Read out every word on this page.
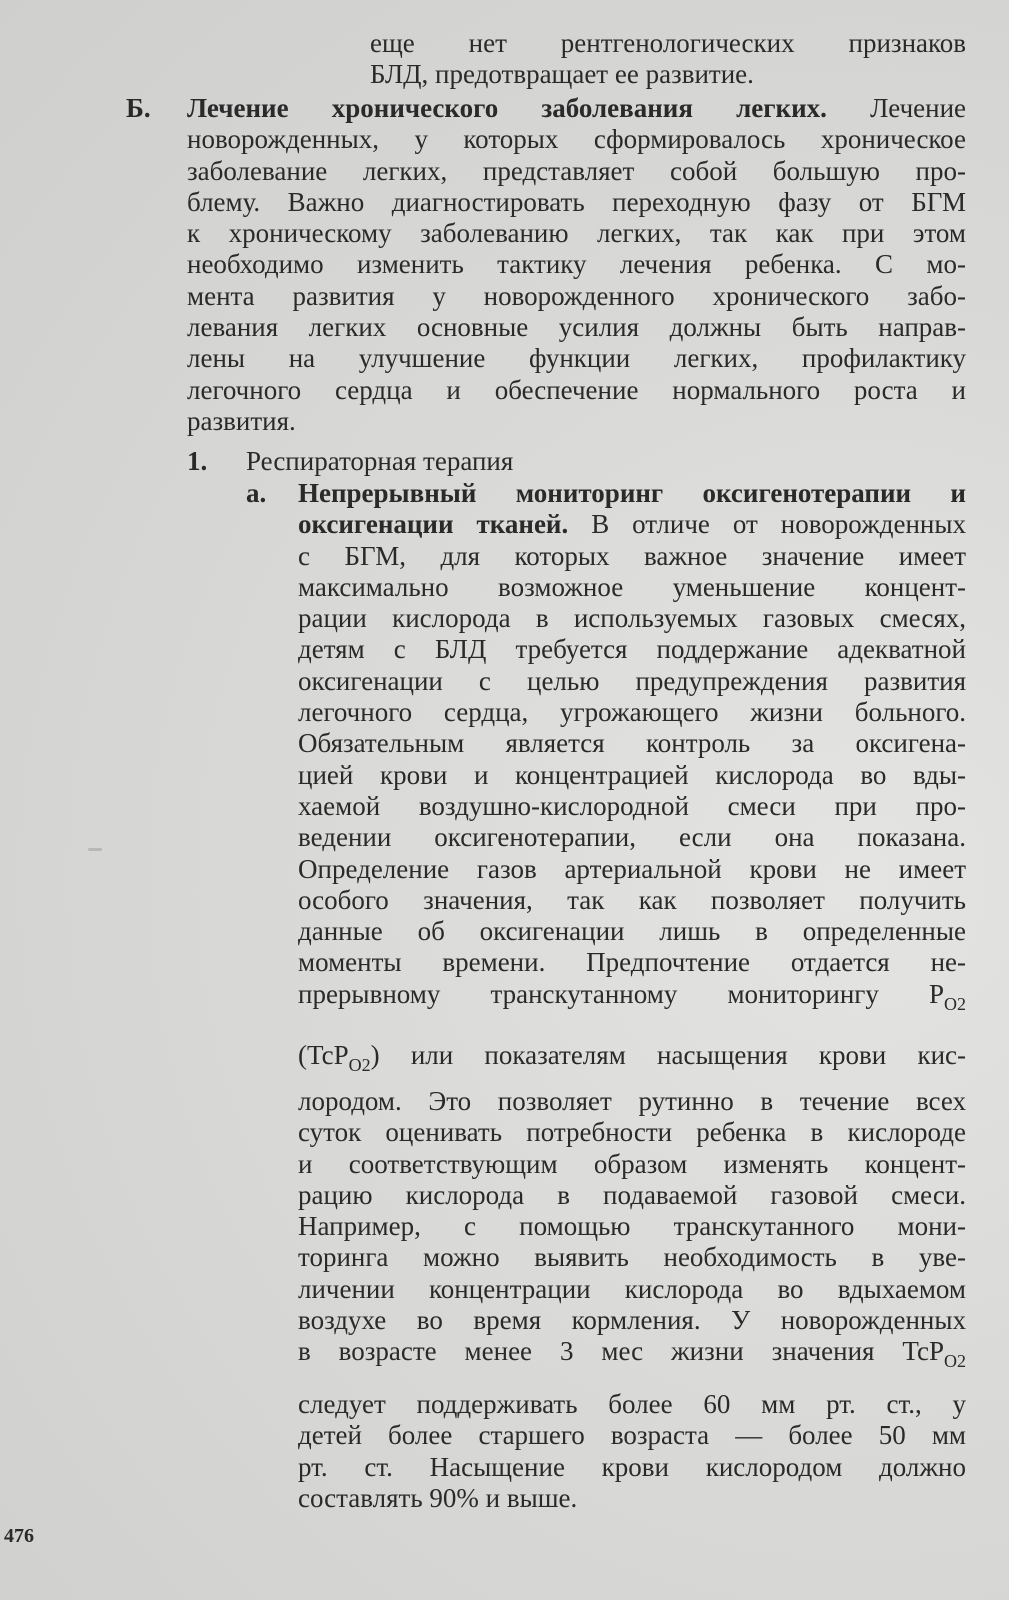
еще нет рентгенологических признаков
БЛД, предотвращает ее развитие.
Б. Лечение хронического заболевания легких. Лечение
новорожденных, у которых сформировалось хроническое
заболевание легких, представляет собой большую про-
блему. Важно диагностировать переходную фазу от БГМ
к хроническому заболеванию легких, так как при этом
необходимо изменить тактику лечения ребенка. С мо-
мента развития у новорожденного хронического забо-
левания легких основные усилия должны быть направ-
лены на улучшение функции легких, профилактику
легочного сердца и обеспечение нормального роста и
развития.
1. Респираторная терапия
а. Непрерывный мониторинг оксигенотерапии и
оксигенации тканей. В отличе от новорожденных
с БГМ, для которых важное значение имеет
максимально возможное уменьшение концент-
рации кислорода в используемых газовых смесях,
детям с БЛД требуется поддержание адекватной
оксигенации с целью предупреждения развития
легочного сердца, угрожающего жизни больного.
Обязательным является контроль за оксигена-
цией крови и концентрацией кислорода во вды-
хаемой воздушно-кислородной смеси при про-
ведении оксигенотерапии, если она показана.
Определение газов артериальной крови не имеет
особого значения, так как позволяет получить
данные об оксигенации лишь в определенные
моменты времени. Предпочтение отдается не-
прерывному транскутанному мониторингу $P_{O2}$
(TcP$_{O2}$) или показателям насыщения крови кис-
лородом. Это позволяет рутинно в течение всех
суток оценивать потребности ребенка в кислороде
и соответствующим образом изменять концент-
рацию кислорода в подаваемой газовой смеси.
Например, с помощью транскутанного мони-
торинга можно выявить необходимость в уве-
личении концентрации кислорода во вдыхаемом
воздухе во время кормления. У новорожденных
в возрасте менее 3 мес жизни значения TcP$_{O2}$
следует поддерживать более 60 мм рт. ст., у
детей более старшего возраста — более 50 мм
рт. ст. Насыщение крови кислородом должно
составлять 90% и выше.
476
